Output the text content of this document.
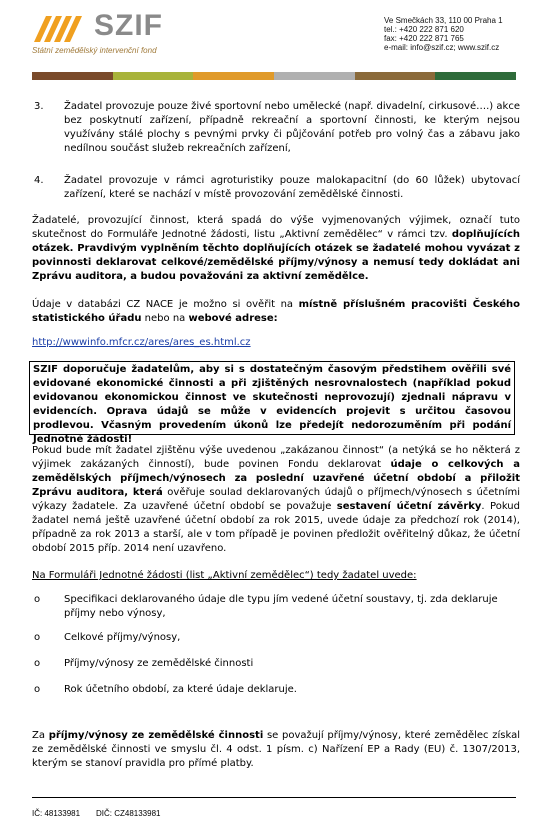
SZIF
Státní zemědělský intervenční fond
Ve Smečkách 33, 110 00 Praha 1
tel.: +420 222 871 620
fax: +420 222 871 765
e-mail: info@szif.cz; www.szif.cz
3. Žadatel provozuje pouze živé sportovní nebo umělecké (např. divadelní, cirkusové….) akce bez poskytnutí zařízení, případně rekreační a sportovní činnosti, ke kterým nejsou využívány stálé plochy s pevnými prvky či půjčování potřeb pro volný čas a zábavu jako nedílnou součást služeb rekreačních zařízení,
4. Žadatel provozuje v rámci agroturistiky pouze malokapacitní (do 60 lůžek) ubytovací zařízení, které se nachází v místě provozování zemědělské činnosti.
Žadatelé, provozující činnost, která spadá do výše vyjmenovaných výjimek, označí tuto skutečnost do Formuláře Jednotné žádosti, listu „Aktivní zemědělec“ v rámci tzv. doplňujících otázek. Pravdivým vyplněním těchto doplňujících otázek se žadatelé mohou vyvázat z povinnosti deklarovat celkové/zemědělské příjmy/výnosy a nemusí tedy dokládat ani Zprávu auditora, a budou považováni za aktivní zemědělce.
Údaje v databázi CZ NACE je možno si ověřit na místně příslušném pracovišti Českého statistického úřadu nebo na webové adrese:
http://wwwinfo.mfcr.cz/ares/ares_es.html.cz
SZIF doporučuje žadatelům, aby si s dostatečným časovým předstihem ověřili své evidované ekonomické činnosti a při zjištěných nesrovnalostech (například pokud evidovanou ekonomickou činnost ve skutečnosti neprovozují) zjednali nápravu v evidencích. Oprava údajů se může v evidencích projevit s určitou časovou prodlevou. Včasným provedením úkonů lze předejít nedorozuměním při podání Jednotné žádosti!
Pokud bude mít žadatel zjištěnu výše uvedenou „zakázanou činnost“ (a netýká se ho některá z výjimek zakázaných činností), bude povinen Fondu deklarovat údaje o celkových a zemědělských příjmech/výnosech za poslední uzavřené účetní období a přiložit Zprávu auditora, která ověřuje soulad deklarovaných údajů o příjmech/výnosech s účetními výkazy žadatele. Za uzavřené účetní období se považuje sestavení účetní závěrky. Pokud žadatel nemá ještě uzavřené účetní období za rok 2015, uvede údaje za předchozí rok (2014), případně za rok 2013 a starší, ale v tom případě je povinen předložit ověřitelný důkaz, že účetní období 2015 příp. 2014 není uzavřeno.
Na Formuláři Jednotné žádosti (list „Aktivní zemědělec“) tedy žadatel uvede:
o Specifikaci deklarovaného údaje dle typu jím vedené účetní soustavy, tj. zda deklaruje příjmy nebo výnosy,
o Celkové příjmy/výnosy,
o Příjmy/výnosy ze zemědělské činnosti
o Rok účetního období, za které údaje deklaruje.
Za příjmy/výnosy ze zemědělské činnosti se považují příjmy/výnosy, které zemědělec získal ze zemědělské činnosti ve smyslu čl. 4 odst. 1 písm. c) Nařízení EP a Rady (EU) č. 1307/2013, kterým se stanoví pravidla pro přímé platby.
IČ: 48133981 DIČ: CZ48133981
